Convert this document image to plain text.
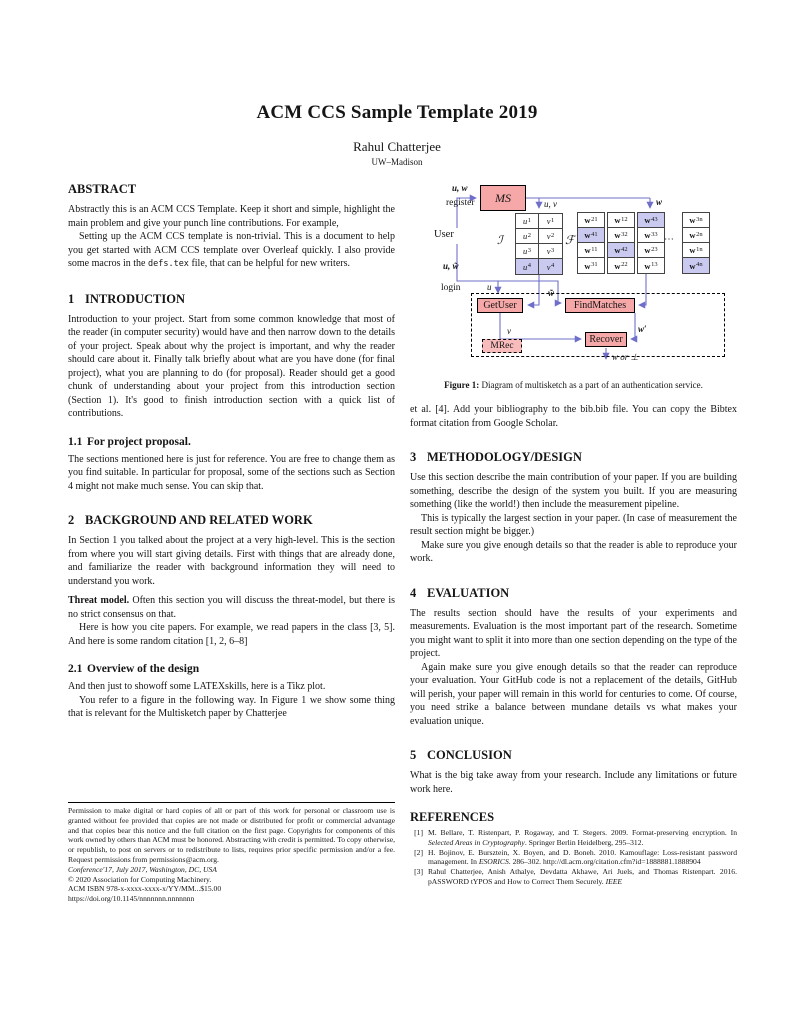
ACM CCS Sample Template 2019
Rahul Chatterjee
UW–Madison
ABSTRACT

Abstractly this is an ACM CCS Template. Keep it short and simple, highlight the main problem and give your punch line contributions. For example,

Setting up the ACM CCS template is non-trivial. This is a document to help you get started with ACM CCS template over Overleaf quickly. I also provide some macros in the defs.tex file, that can be helpful for new writers.

1 INTRODUCTION

Introduction to your project. Start from some common knowledge that most of the reader (in computer security) would have and then narrow down to the details of your project. Speak about why the project is important, and why the reader should care about it. Finally talk briefly about what are you have done (for final project), what you are planning to do (for proposal). Reader should get a good chunk of understanding about your project from this introduction section (Section 1). It's good to finish introduction section with a quick list of contributions.

1.1 For project proposal.

The sections mentioned here is just for reference. You are free to change them as you find suitable. In particular for proposal, some of the sections such as Section 4 might not make much sense. You can skip that.

2 BACKGROUND AND RELATED WORK

In Section 1 you talked about the project at a very high-level. This is the section from where you will start giving details. First with things that are already done, and familiarize the reader with background information they will need to understand you work.

Threat model. Often this section you will discuss the threat-model, but there is no strict consensus on that.

Here is how you cite papers. For example, we read papers in the class [3, 5]. And here is some random citation [1, 2, 6–8]

2.1 Overview of the design

And then just to showoff some LATEXskills, here is a Tikz plot.

You refer to a figure in the following way. In Figure 1 we show some thing that is relevant for the Multisketch paper by Chatterjee

Permission to make digital or hard copies of all or part of this work for personal or classroom use is granted without fee provided that copies are not made or distributed for profit or commercial advantage and that copies bear this notice and the full citation on the first page. Copyrights for components of this work owned by others than ACM must be honored. Abstracting with credit is permitted. To copy otherwise, or republish, to post on servers or to redistribute to lists, requires prior specific permission and/or a fee. Request permissions from permissions@acm.org.

Conference'17, July 2017, Washington, DC, USA
© 2020 Association for Computing Machinery.
ACM ISBN 978-x-xxxx-xxxx-x/YY/MM...$15.00
https://doi.org/10.1145/nnnnnnn.nnnnnnn
u, w
register	MS	u, v	w
User	ℐ
u 1 v 1
u 2 v 2
u 3 v 3
u 4 v 4
ℱ
w 21
w 41
w 11
w 31
w 12
w 32
w 42
w 22
w 43
w 33
w 23
w 13
⋯
w 3n
w 2n
w 1n
w 4n
u, w̃
login	u
w̃
GetUser	FindMatches
v	w′
Recover
MRec
w or ⊥
Figure 1: Diagram of multisketch as a part of an authentication service.

et al. [4]. Add your bibliography to the bib.bib file. You can copy the Bibtex format citation from Google Scholar.

3 METHODOLOGY/DESIGN

Use this section describe the main contribution of your paper. If you are building something, describe the design of the system you built. If you are measuring something (like the world!) then include the measurement pipeline.

This is typically the largest section in your paper. (In case of measurement the result section might be bigger.)

Make sure you give enough details so that the reader is able to reproduce your work.

4 EVALUATION

The results section should have the results of your experiments and measurements. Evaluation is the most important part of the research. Sometime you might want to split it into more than one section depending on the type of the project.

Again make sure you give enough details so that the reader can reproduce your evaluation. Your GitHub code is not a replacement of the details, GitHub will perish, your paper will remain in this world for centuries to come. Of course, you need strike a balance between mundane details vs what makes your evaluation unique.

5 CONCLUSION

What is the big take away from your research. Include any limitations or future work here.

REFERENCES
[1] M. Bellare, T. Ristenpart, P. Rogaway, and T. Stegers. 2009. Format-preserving encryption. In Selected Areas in Cryptography. Springer Berlin Heidelberg, 295–312.
[2] H. Bojinov, E. Bursztein, X. Boyen, and D. Boneh. 2010. Kamouflage: Loss-resistant password management. In ESORICS. 286–302. http://dl.acm.org/citation.cfm?id=1888881.1888904
[3] Rahul Chatterjee, Anish Athalye, Devdatta Akhawe, Ari Juels, and Thomas Ristenpart. 2016. pASSWORD tYPOS and How to Correct Them Securely. IEEE
